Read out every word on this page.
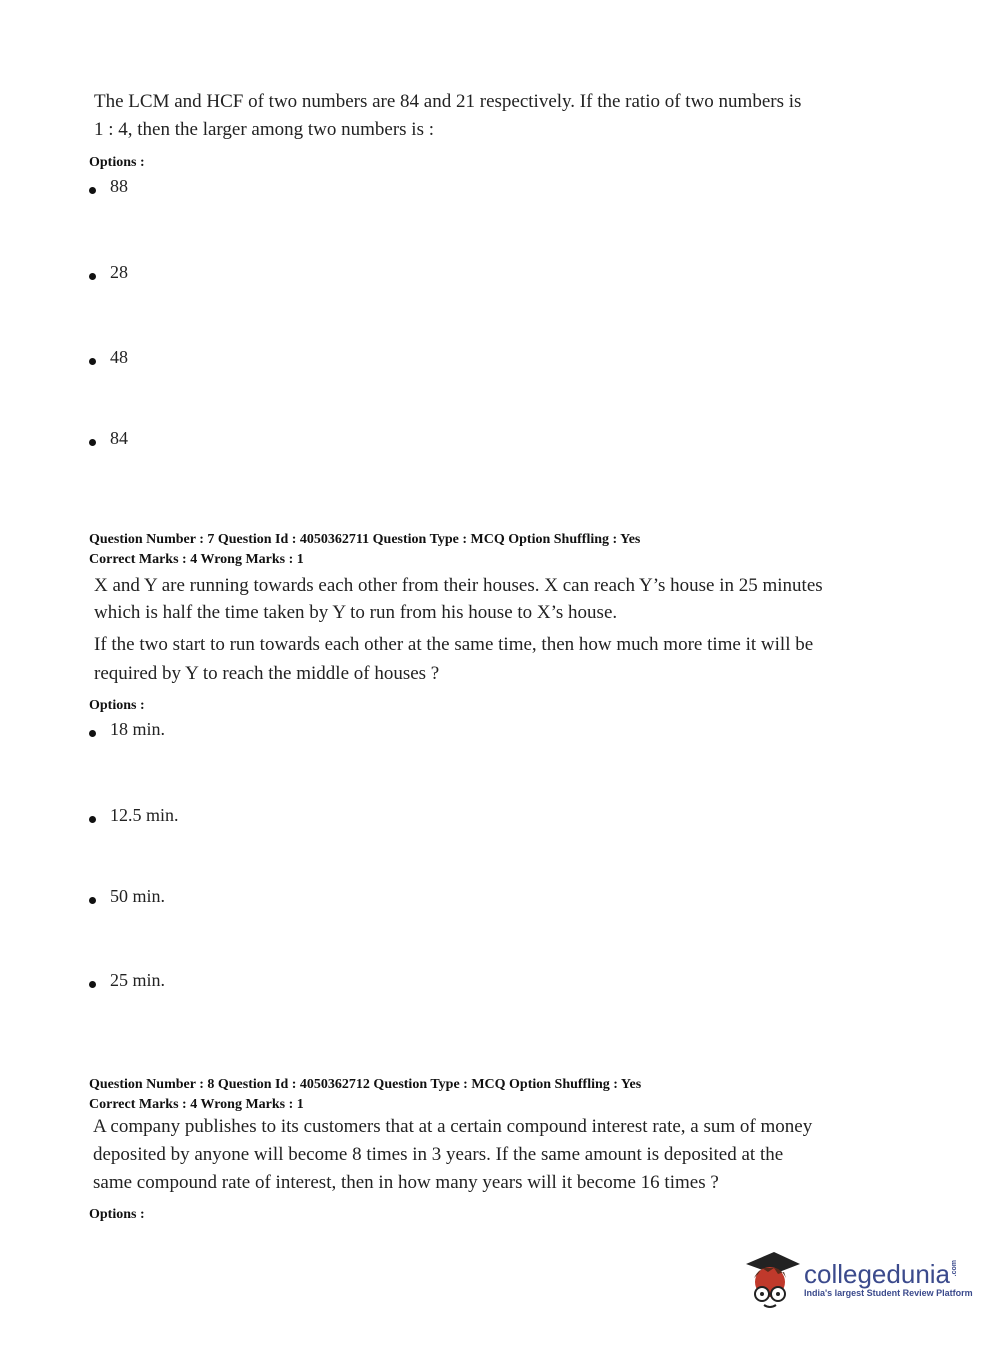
The LCM and HCF of two numbers are 84 and 21 respectively. If the ratio of two numbers is
1 : 4, then the larger among two numbers is :
Options :
88
28
48
84
Question Number : 7 Question Id : 4050362711 Question Type : MCQ Option Shuffling : Yes
Correct Marks : 4 Wrong Marks : 1
X and Y are running towards each other from their houses. X can reach Y’s house in 25 minutes
which is half the time taken by Y to run from his house to X’s house.
If the two start to run towards each other at the same time, then how much more time it will be
required by Y to reach the middle of houses ?
Options :
18 min.
12.5 min.
50 min.
25 min.
Question Number : 8 Question Id : 4050362712 Question Type : MCQ Option Shuffling : Yes
Correct Marks : 4 Wrong Marks : 1
A company publishes to its customers that at a certain compound interest rate, a sum of money
deposited by anyone will become 8 times in 3 years. If the same amount is deposited at the
same compound rate of interest, then in how many years will it become 16 times ?
Options :
collegedunia .com
India's largest Student Review Platform
